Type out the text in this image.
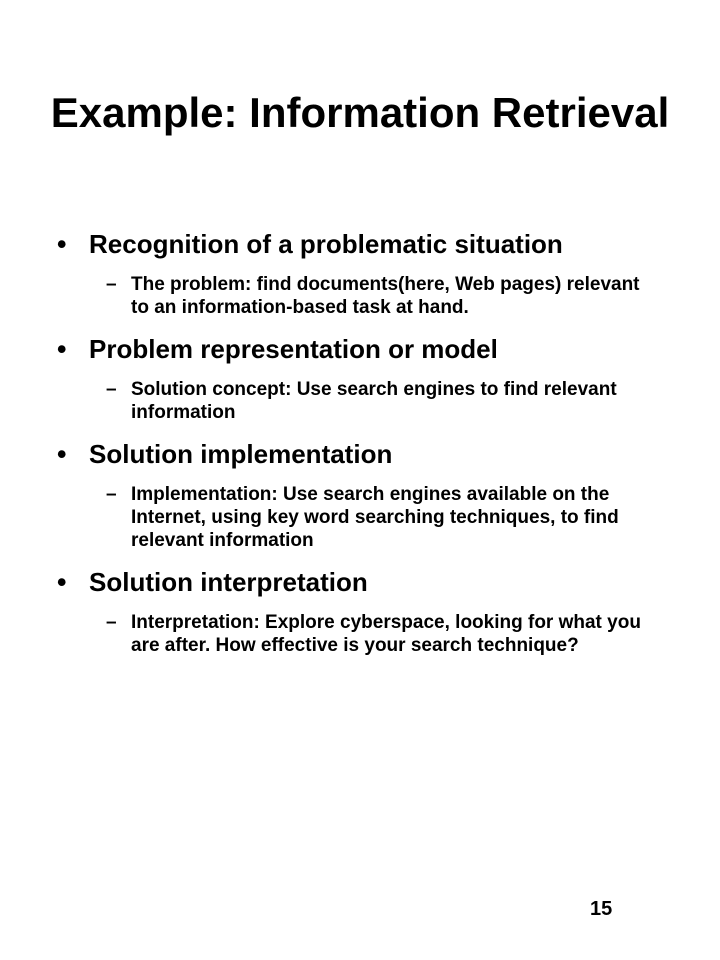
Example: Information Retrieval
• Recognition of a problematic situation
– The problem: find documents(here, Web pages) relevant to an information-based task at hand.
• Problem representation or model
– Solution concept: Use search engines to find relevant information
• Solution implementation
– Implementation: Use search engines available on the Internet, using key word searching techniques, to find relevant information
• Solution interpretation
– Interpretation: Explore cyberspace, looking for what you are after. How effective is your search technique?
15
